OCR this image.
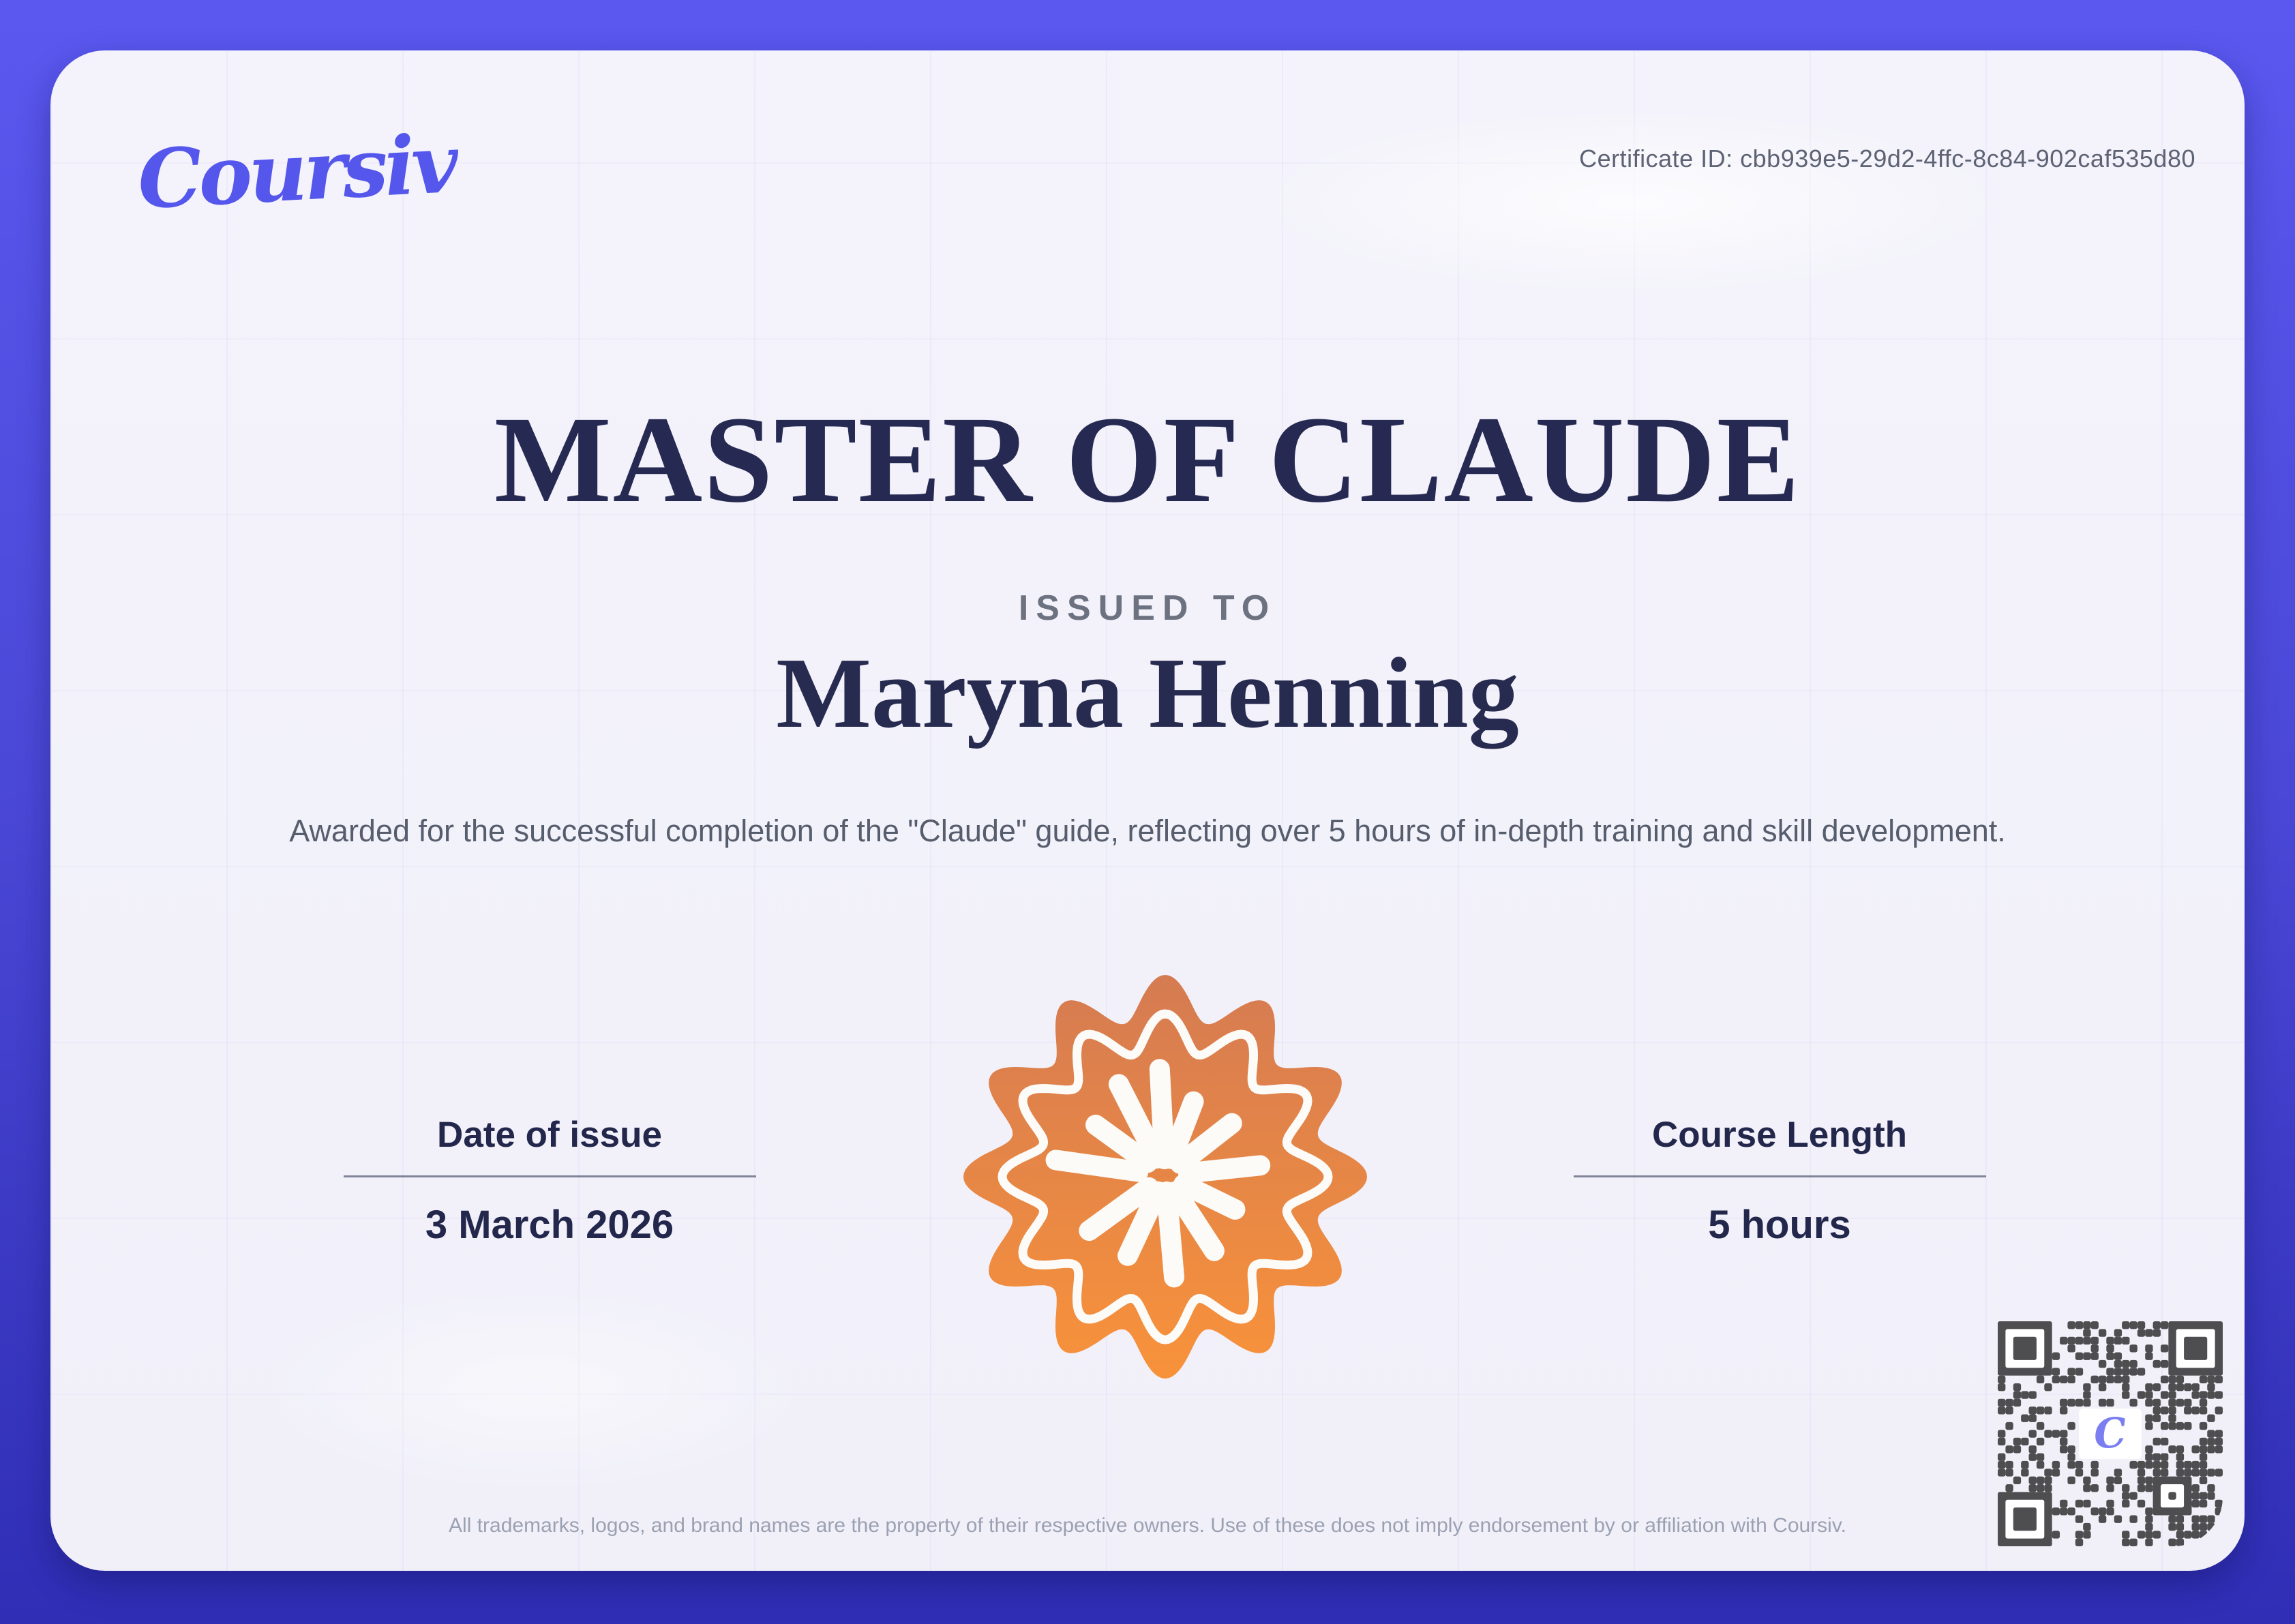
Coursiv	Certificate ID: cbb939e5-29d2-4ffc-8c84-902caf535d80
MASTER OF CLAUDE
ISSUED TO
Maryna Henning

Awarded for the successful completion of the "Claude" guide, reflecting over 5 hours of in-depth training and skill development.

Date of issue
3 March 2026
Course Length
5 hours
C
All trademarks, logos, and brand names are the property of their respective owners. Use of these does not imply endorsement by or affiliation with Coursiv.
